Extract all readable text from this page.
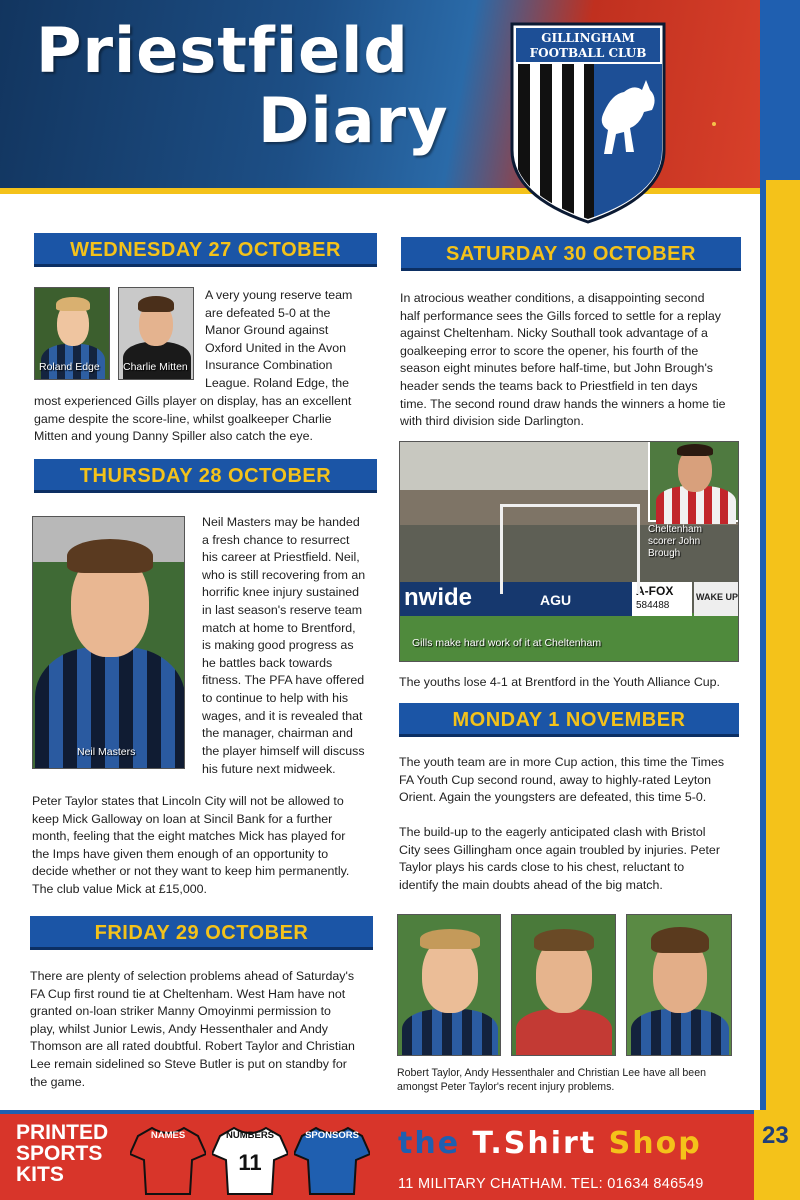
Priestfield
Diary
GILLINGHAM
FOOTBALL CLUB
WEDNESDAY 27 OCTOBER
Roland Edge Charlie Mitten
A very young reserve team
are defeated 5-0 at the
Manor Ground against
Oxford United in the Avon
Insurance Combination
League. Roland Edge, the
most experienced Gills player on display, has an excellent
game despite the score-line, whilst goalkeeper Charlie
Mitten and young Danny Spiller also catch the eye.
THURSDAY 28 OCTOBER
Neil Masters
Neil Masters may be handed
a fresh chance to resurrect
his career at Priestfield. Neil,
who is still recovering from an
horrific knee injury sustained
in last season's reserve team
match at home to Brentford,
is making good progress as
he battles back towards
fitness. The PFA have offered
to continue to help with his
wages, and it is revealed that
the manager, chairman and
the player himself will discuss
his future next midweek.
Peter Taylor states that Lincoln City will not be allowed to
keep Mick Galloway on loan at Sincil Bank for a further
month, feeling that the eight matches Mick has played for
the Imps have given them enough of an opportunity to
decide whether or not they want to keep him permanently.
The club value Mick at £15,000.
FRIDAY 29 OCTOBER
There are plenty of selection problems ahead of Saturday's
FA Cup first round tie at Cheltenham. West Ham have not
granted on-loan striker Manny Omoyinmi permission to
play, whilst Junior Lewis, Andy Hessenthaler and Andy
Thomson are all rated doubtful. Robert Taylor and Christian
Lee remain sidelined so Steve Butler is put on standby for
the game.
SATURDAY 30 OCTOBER
In atrocious weather conditions, a disappointing second
half performance sees the Gills forced to settle for a replay
against Cheltenham. Nicky Southall took advantage of a
goalkeeping error to score the opener, his fourth of the
season eight minutes before half-time, but John Brough's
header sends the teams back to Priestfield in ten days
time. The second round draw hands the winners a home tie
with third division side Darlington.
nwide	AGU
A-FOX
584488
WAKE UP
Cheltenham
scorer John
Brough
Gills make hard work of it at Cheltenham
The youths lose 4-1 at Brentford in the Youth Alliance Cup.
MONDAY 1 NOVEMBER
The youth team are in more Cup action, this time the Times
FA Youth Cup second round, away to highly-rated Leyton
Orient. Again the youngsters are defeated, this time 5-0.
The build-up to the eagerly anticipated clash with Bristol
City sees Gillingham once again troubled by injuries. Peter
Taylor plays his cards close to his chest, reluctant to
identify the main doubts ahead of the big match.
Robert Taylor, Andy Hessenthaler and Christian Lee have all been
amongst Peter Taylor's recent injury problems.
PRINTED
SPORTS
KITS
NAMES	NUMBERS
11
SPONSORS	the T.Shirt Shop
11 MILITARY CHATHAM. TEL: 01634 846549
23
